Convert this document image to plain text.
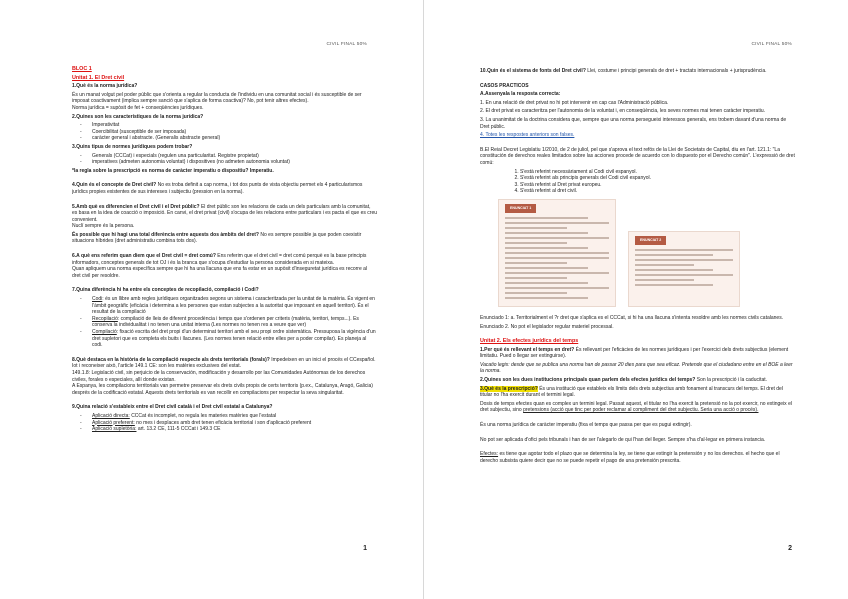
CIVIL FINAL 50%

BLOC 1

Unitat 1. El Dret civil

1.Què és la norma jurídica?

És un manat volgut pel poder públic que s'orienta a regular la conducta de l'individu en una comunitat social i és susceptible de ser imposat coactivament (implica sempre sanció que s'aplica de forma coactiva)? No, pot tenir altres efectes).
Norma jurídica = supòsit de fet + conseqüències jurídiques.

2.Quines son les característiques de la norma jurídica?

- Imperativitat
- Coercibilitat (susceptible de ser imposada)
- caràcter general i abstracte. (Generalis abstracte general)

3.Quins tipus de normes jurídiques podem trobar?

- Generals (CCCat) i especials (regulen una particularitat. Registre propietat)
- imperatives (admeten autonomia voluntat) i dispositives (no admeten autonomia voluntat)

*la regla sobre la prescripció es norma de caràcter imperatiu o dispositiu? Imperatiu.

4.Quin és el concepte de Dret civil? No es troba definit a cap norma, i tot dos punts de vista objectiu permet els 4 particularismos jurídics propies existentes de sus intereses i subjectiu (pression en la norma).

5.Amb què es diferencien el Dret civil i el Dret públic? El dret públic son les relacions de cada un dels particulars amb la comunitat, es basa en la idea de coacció o imposició. En canvi, el dret privat (civil) s'ocupa de les relacions entre particulars i es pacta el que es creu convenient.
Nuclí sempre és la persona.

És possible que hi hagi una total diferència entre aquests dos àmbits del dret? No es sempre possible ja que poden coexistir situacions híbrides (dret administratiu combina tots dos).

6.A què ens referim quan diem que el Dret civil = dret comú? Ens referim que el dret civil = dret comú perquè es la base principis informadors, conceptes generals de tot OJ i és la branca que s'ocupa d'estudiar la persona considerada en si mateixa.
Quan apliquem una norma específica sempre que hi ha una llacuna que ens fa estar en un supòsit d'inseguretat jurídica es recorre al dret civil per resoldre.

7.Quina diferència hi ha entre els conceptes de recopilació, compilació i Codi?

- Codi: és un llibre amb regles jurídiques organitzades segons un sistema i caracteritzada per la unitat de la matèria. És vigent en l'àmbit geogràfic (eficàcia i determina a les persones que estan subjectes a la autoritat que imposant en aquell territori). És el resultat de la compilació
- Recopilació: compilació de lleis de diferent procedència i temps que s'ordenen per criteris (matèria, territori, temps...). Es conserva la individualitat i no tenen una unitat interna (Les normes no tenen res a veure que ver)
- Compilació: fixació escrita del dret propi d'un determinat territori amb el seu propi ordre sistemàtica. Pressuposa la vigència d'un dret supletori que es completa els buits i llacunes. (Les normes tenen relació entre elles per a poder compilar). Es planeja al codi.

8.Què destaca en la història de la compilació respecte als drets territorials (forals)? Impedeixen en un inici el procés el CCespañol.
Iot i reconeixer això, l'article 149.1 CE: son les matèries exclusives del estat.
149.1.8: Legislació civil, sin perjuicio de la conservación, modificación y desarrollo por las Comunidades Autónomas de los derechos civiles, forales o especiales, allí donde existan.
A Espanya, les compilacions territorials van permetre preservar els drets civils propis de certs territoris (p.ex., Catalunya, Aragó, Galicia) després de la codificació estatal. Aquests drets territorials es van recollir en compilacions per respectar la seva singularitat.

9.Quina relació s'estableix entre el Dret civil català i el Dret civil estatal a Catalunya?

- Aplicació directa: CCCat és incomplet, no regula les materies matèries que l'estatal
- Aplicació preferent: no mes i desplaces amb dret tenen eficàcia territorial i son d'aplicació preferent
- Aplicació supletòria: art. 13.2 CE, 111-5 CCCat i 149.3 CE
1
CIVIL FINAL 50%

10.Quin és el sistema de fonts del Dret civil? Llei, costume i principi generals de dret + tractats internacionals + jurisprudència.

CASOS PRACTICOS

A.Assenyala la resposta correcta:

1. En una relació de dret privat no hi pot intervenir en cap cas l'Administració pública.

2. El dret privat es caracteritza per l'autonomia de la voluntat i, en conseqüència, les seves normes mai tenen caràcter imperatiu.

3. La unanimitat de la doctrina considera que, sempre que una norma persegueixi interessos generals, ens trobem davant d'una norma de Dret públic.

4. Totes les respostes anteriors son falses.

B.El Reial Decret Legislatiu 1/2010, de 2 de juliol, pel que s'aprova el text refós de la Llei de Societats de Capital, diu en l'art. 121.1: "La constitución de derechos reales limitados sobre las acciones procede de acuerdo con lo dispuesto por el Derecho común". L'expressió de dret comú:

1. S'està referint necessàriament al Codi civil espanyol.
2. S'està referint als principis generals del Codi civil espanyol.
3. S'està referint al Dret privat europeu.
4. S'està referint al dret civil.
ENUNCIAT 1
ENUNCIAT 2

Enunciado 1: a. Territorialment el ?r dret que s'aplica es el CCCat, si hi ha una llacuna s'intenta resoldre amb les normes civils catalanes.

Enunciado 2. No pot el legislador regular materiel processal.

Unitat 2. Els efectes jurídics del temps

1.Per què és rellevant el temps en dret? És rellevant per l'eficàcies de les normes jurídiques i per l'exercici dels drets subjectius (element limitatiu. Pued o llegar ser extinguirse).

Vacatio legis: desde que se publica una norma han de passar 20 dies para que sea eficaz. Pretende que el ciudadano entre en el BOE a leer la norma.

2.Quines son les dues institucions principals quan parlem dels efectes jurídics del temps? Son la prescripció i la caducitat.

3.Què és la prescripció? És una institució que estableix els límits dels drets subjectius amb fonament al transcurs del temps. El dret del titular no l'ha exercit durant el termini legal.

Dosis de temps efectes quan es complex un termini legal. Passat aquest, el titular no l'ha exercit la pretensió no la pot exercir, no extingeix el dret subjectiu, sino pretensions (acció que tinc per poder reclamar al compliment del dret subjectiu. Seria una acció o procés).

És una norma jurídica de caràcter imperatiu (fixa el temps que passa per que es pugui extingir).

No pot ser aplicada d'ofici pels tribunals i han de ser l'alegarlo de qui l'han del lleger. Sempre s'ha d'al·legar en primera instancia.

Efectes: es tiene que agotar todo el plazo que se determina la ley, se tiene que extingir la pretensión y no los derechos. el hecho que el derecho subsista quiere decir que no se puede repetir el pago de una pretensión prescrita.

2
